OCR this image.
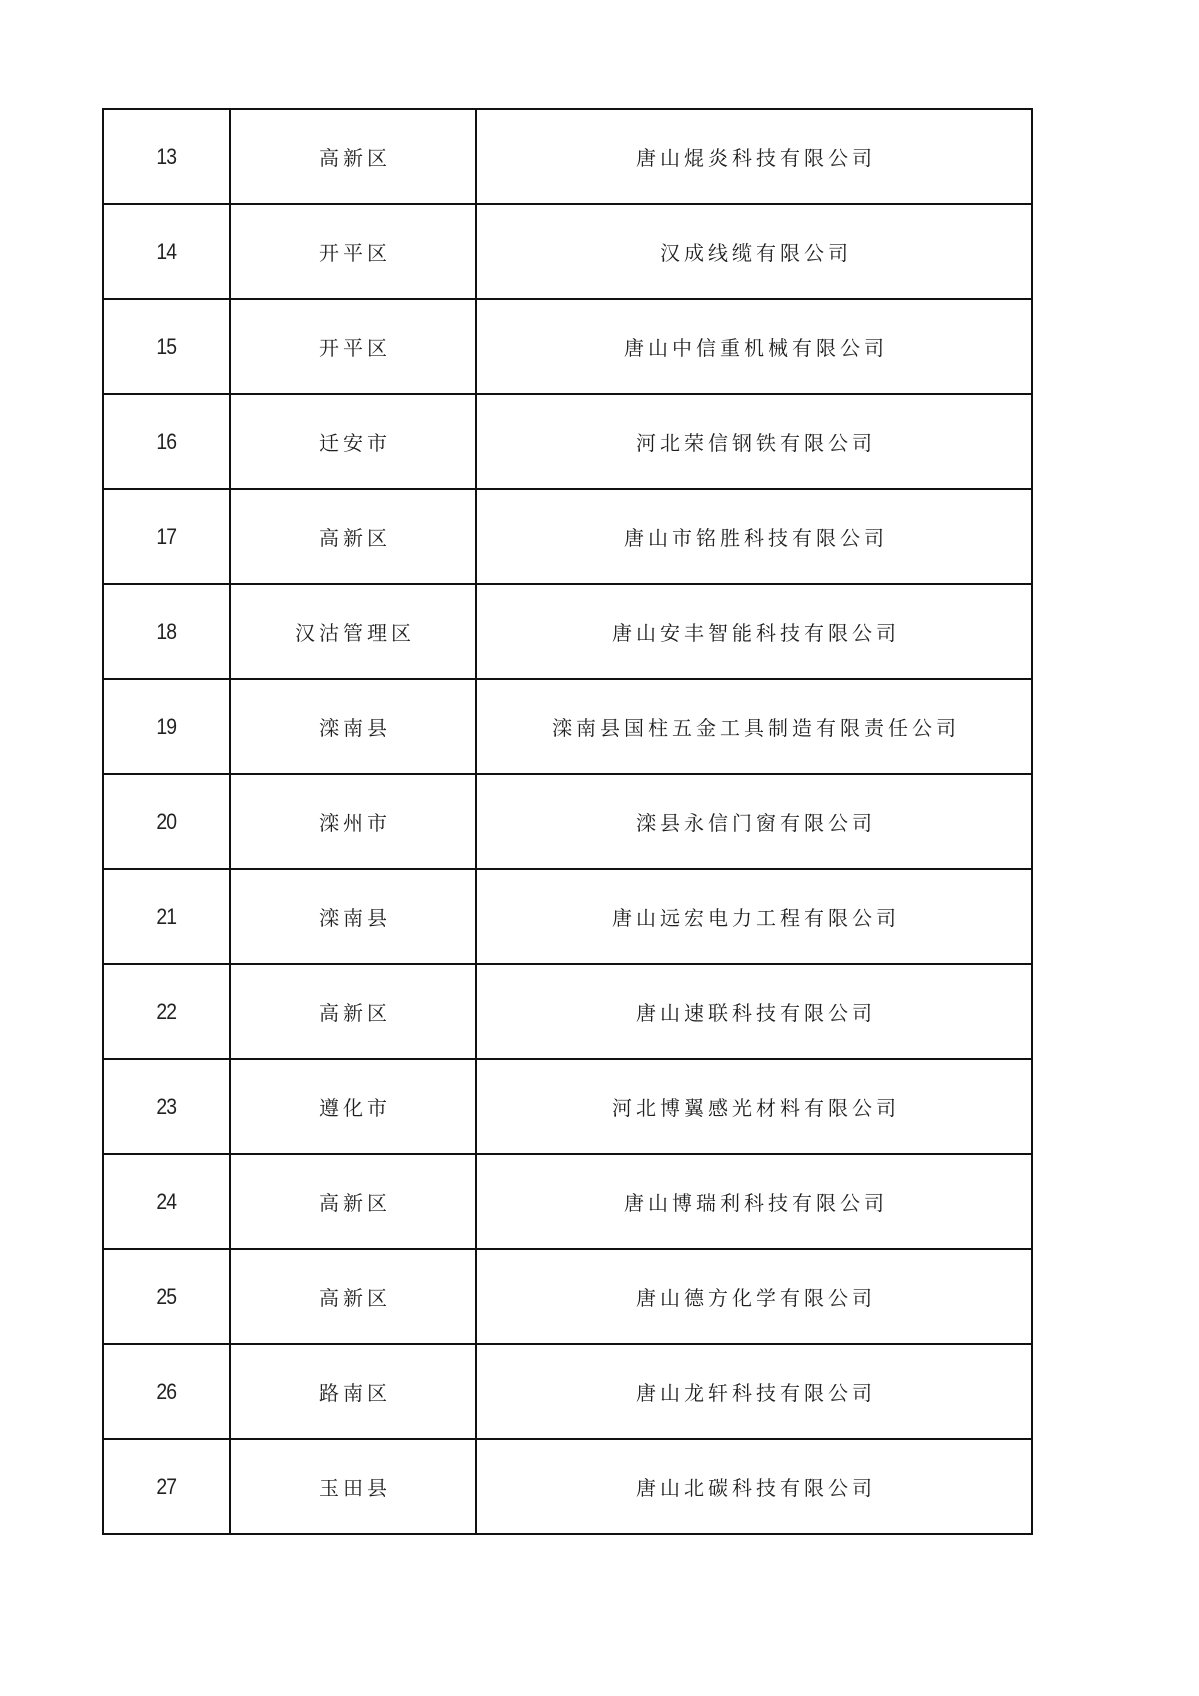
13	高新区	唐山焜炎科技有限公司
14	开平区	汉成线缆有限公司
15	开平区	唐山中信重机械有限公司
16	迁安市	河北荣信钢铁有限公司
17	高新区	唐山市铭胜科技有限公司
18	汉沽管理区	唐山安丰智能科技有限公司
19	滦南县	滦南县国柱五金工具制造有限责任公司
20	滦州市	滦县永信门窗有限公司
21	滦南县	唐山远宏电力工程有限公司
22	高新区	唐山速联科技有限公司
23	遵化市	河北博翼感光材料有限公司
24	高新区	唐山博瑞利科技有限公司
25	高新区	唐山德方化学有限公司
26	路南区	唐山龙轩科技有限公司
27	玉田县	唐山北碳科技有限公司
